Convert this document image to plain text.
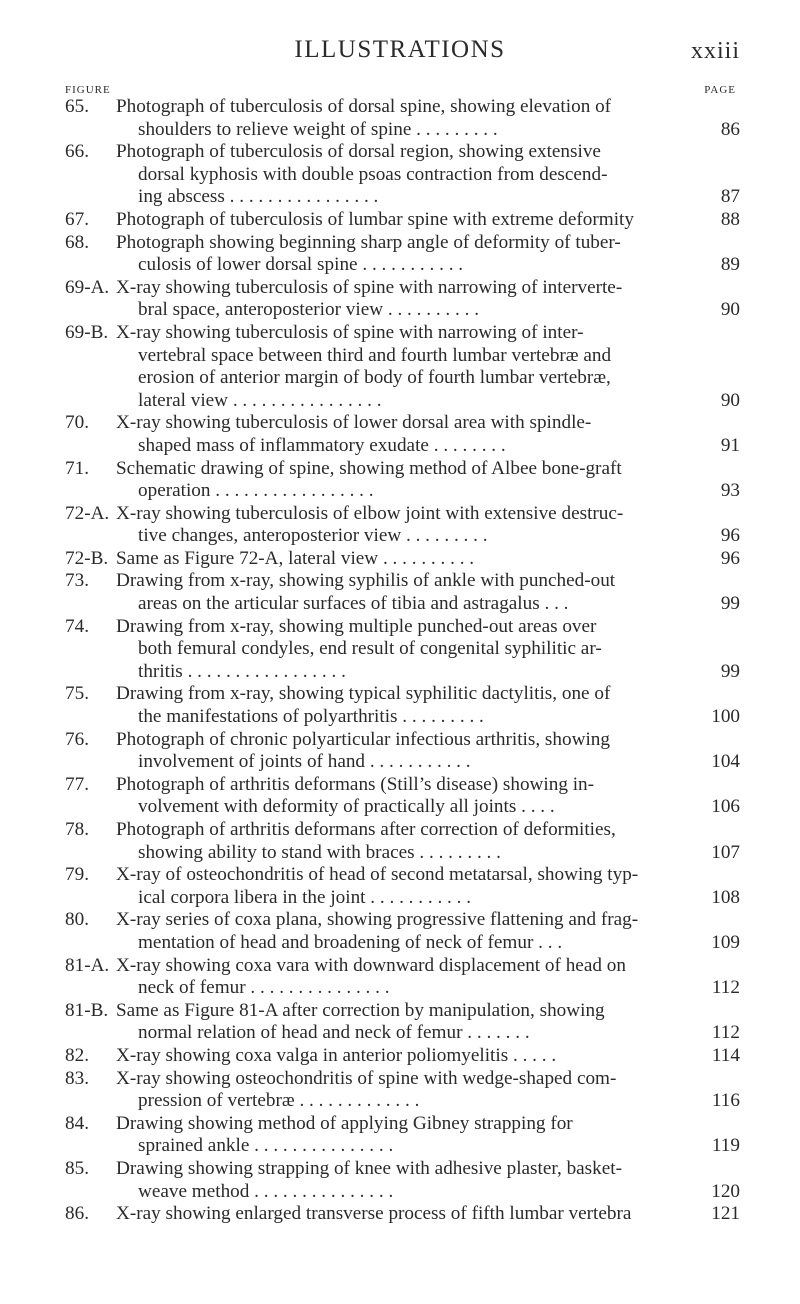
ILLUSTRATIONS	xxiii
FIGURE	PAGE
65.	Photograph of tuberculosis of dorsal spine, showing elevation of
shoulders to relieve weight of spine . . . . . . . . .	86
66.	Photograph of tuberculosis of dorsal region, showing extensive
dorsal kyphosis with double psoas contraction from descend-
ing abscess . . . . . . . . . . . . . . . .	87
67.	Photograph of tuberculosis of lumbar spine with extreme deformity	88
68.	Photograph showing beginning sharp angle of deformity of tuber-
culosis of lower dorsal spine . . . . . . . . . . .	89
69-A. X-ray showing tuberculosis of spine with narrowing of interverte-
bral space, anteroposterior view . . . . . . . . . .	90
69-B. X-ray showing tuberculosis of spine with narrowing of inter-
vertebral space between third and fourth lumbar vertebræ and
erosion of anterior margin of body of fourth lumbar vertebræ,
lateral view . . . . . . . . . . . . . . . .	90
70.	X-ray showing tuberculosis of lower dorsal area with spindle-
shaped mass of inflammatory exudate . . . . . . . .	91
71.	Schematic drawing of spine, showing method of Albee bone-graft
operation . . . . . . . . . . . . . . . . .	93
72-A. X-ray showing tuberculosis of elbow joint with extensive destruc-
tive changes, anteroposterior view . . . . . . . . .	96
72-B. Same as Figure 72-A, lateral view . . . . . . . . . .	96
73.	Drawing from x-ray, showing syphilis of ankle with punched-out
areas on the articular surfaces of tibia and astragalus . . .	99
74.	Drawing from x-ray, showing multiple punched-out areas over
both femural condyles, end result of congenital syphilitic ar-
thritis . . . . . . . . . . . . . . . . .	99
75.	Drawing from x-ray, showing typical syphilitic dactylitis, one of
the manifestations of polyarthritis . . . . . . . . .	100
76.	Photograph of chronic polyarticular infectious arthritis, showing
involvement of joints of hand . . . . . . . . . . .	104
77.	Photograph of arthritis deformans (Still’s disease) showing in-
volvement with deformity of practically all joints . . . .	106
78.	Photograph of arthritis deformans after correction of deformities,
showing ability to stand with braces . . . . . . . . .	107
79.	X-ray of osteochondritis of head of second metatarsal, showing typ-
ical corpora libera in the joint . . . . . . . . . . .	108
80.	X-ray series of coxa plana, showing progressive flattening and frag-
mentation of head and broadening of neck of femur . . .	109
81-A. X-ray showing coxa vara with downward displacement of head on
neck of femur . . . . . . . . . . . . . . .	112
81-B. Same as Figure 81-A after correction by manipulation, showing
normal relation of head and neck of femur . . . . . . .	112
82.	X-ray showing coxa valga in anterior poliomyelitis . . . . .	114
83.	X-ray showing osteochondritis of spine with wedge-shaped com-
pression of vertebræ . . . . . . . . . . . . .	116
84.	Drawing showing method of applying Gibney strapping for
sprained ankle . . . . . . . . . . . . . . .	119
85.	Drawing showing strapping of knee with adhesive plaster, basket-
weave method . . . . . . . . . . . . . . .	120
86.	X-ray showing enlarged transverse process of fifth lumbar vertebra	121
